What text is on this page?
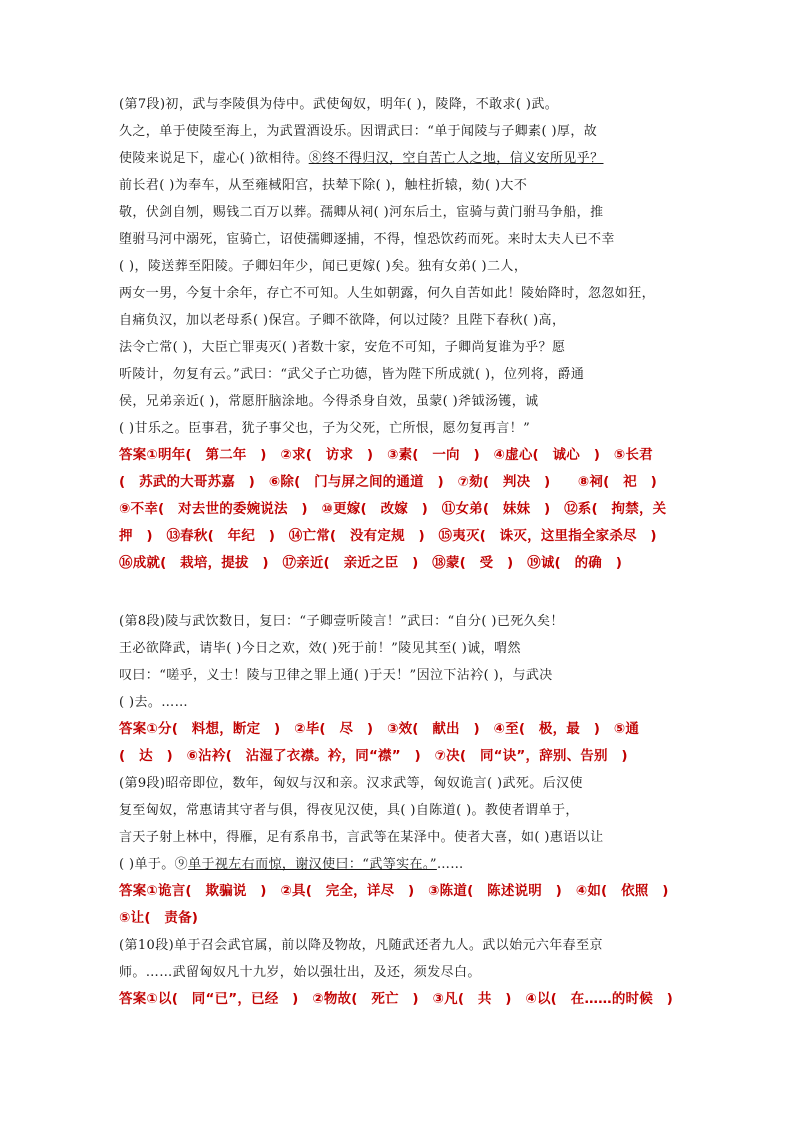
(第7段)初，武与李陵俱为侍中。武使匈奴，明年( )，陵降，不敢求( )武。
久之，单于使陵至海上，为武置酒设乐。因谓武曰：“单于闻陵与子卿素( )厚，故
使陵来说足下，虚心( )欲相待。⑧终不得归汉，空自苦亡人之地，信义安所见乎？
前长君( )为奉车，从至雍棫阳宫，扶辇下除( )，触柱折辕，劾( )大不
敬，伏剑自刎，赐钱二百万以葬。孺卿从祠( )河东后土，宦骑与黄门驸马争船，推
堕驸马河中溺死，宦骑亡，诏使孺卿逐捕，不得，惶恐饮药而死。来时太夫人已不幸
( )，陵送葬至阳陵。子卿妇年少，闻已更嫁( )矣。独有女弟( )二人，
两女一男，今复十余年，存亡不可知。人生如朝露，何久自苦如此！陵始降时，忽忽如狂，
自痛负汉，加以老母系( )保宫。子卿不欲降，何以过陵？且陛下春秋( )高，
法令亡常( )，大臣亡罪夷灭( )者数十家，安危不可知，子卿尚复谁为乎？愿
听陵计，勿复有云。”武曰：“武父子亡功德，皆为陛下所成就( )，位列将，爵通
侯，兄弟亲近( )，常愿肝脑涂地。今得杀身自效，虽蒙( )斧钺汤镬，诚
( )甘乐之。臣事君，犹子事父也，子为父死，亡所恨，愿勿复再言！”
答案①明年(　第二年　)　②求(　访求　)　③素(　一向　)　④虚心(　诚心　)　⑤长君
(　苏武的大哥苏嘉　)　⑥除(　门与屏之间的通道　)　⑦劾(　判决　)　　⑧祠(　祀　)
⑨不幸(　对去世的委婉说法　)　⑩更嫁(　改嫁　)　⑪女弟(　妹妹　)　⑫系(　拘禁，关
押　)　⑬春秋(　年纪　)　⑭亡常(　没有定规　)　⑮夷灭(　诛灭，这里指全家杀尽　)
⑯成就(　栽培，提拔　)　⑰亲近(　亲近之臣　)　⑱蒙(　受　)　⑲诚(　的确　)
(第8段)陵与武饮数日，复曰：“子卿壹听陵言！”武曰：“自分( )已死久矣！
王必欲降武，请毕( )今日之欢，效( )死于前！”陵见其至( )诚，喟然
叹曰：“嗟乎，义士！陵与卫律之罪上通( )于天！”因泣下沾衿( )，与武决
( )去。……
答案①分(　料想，断定　)　②毕(　尽　)　③效(　献出　)　④至(　极，最　)　⑤通
(　达　)　⑥沾衿(　沾湿了衣襟。衿，同“襟”　)　⑦决(　同“诀”，辞别、告别　)
(第9段)昭帝即位，数年，匈奴与汉和亲。汉求武等，匈奴诡言( )武死。后汉使
复至匈奴，常惠请其守者与俱，得夜见汉使，具( )自陈道( )。教使者谓单于，
言天子射上林中，得雁，足有系帛书，言武等在某泽中。使者大喜，如( )惠语以让
( )单于。⑨单于视左右而惊，谢汉使曰：“武等实在。”……
答案①诡言(　欺骗说　)　②具(　完全，详尽　)　③陈道(　陈述说明　)　④如(　依照　)
⑤让(　责备)
(第10段)单于召会武官属，前以降及物故，凡随武还者九人。武以始元六年春至京
师。……武留匈奴凡十九岁，始以强壮出，及还，须发尽白。
答案①以(　同“已”，已经　)　②物故(　死亡　)　③凡(　共　)　④以(　在……的时候　)
